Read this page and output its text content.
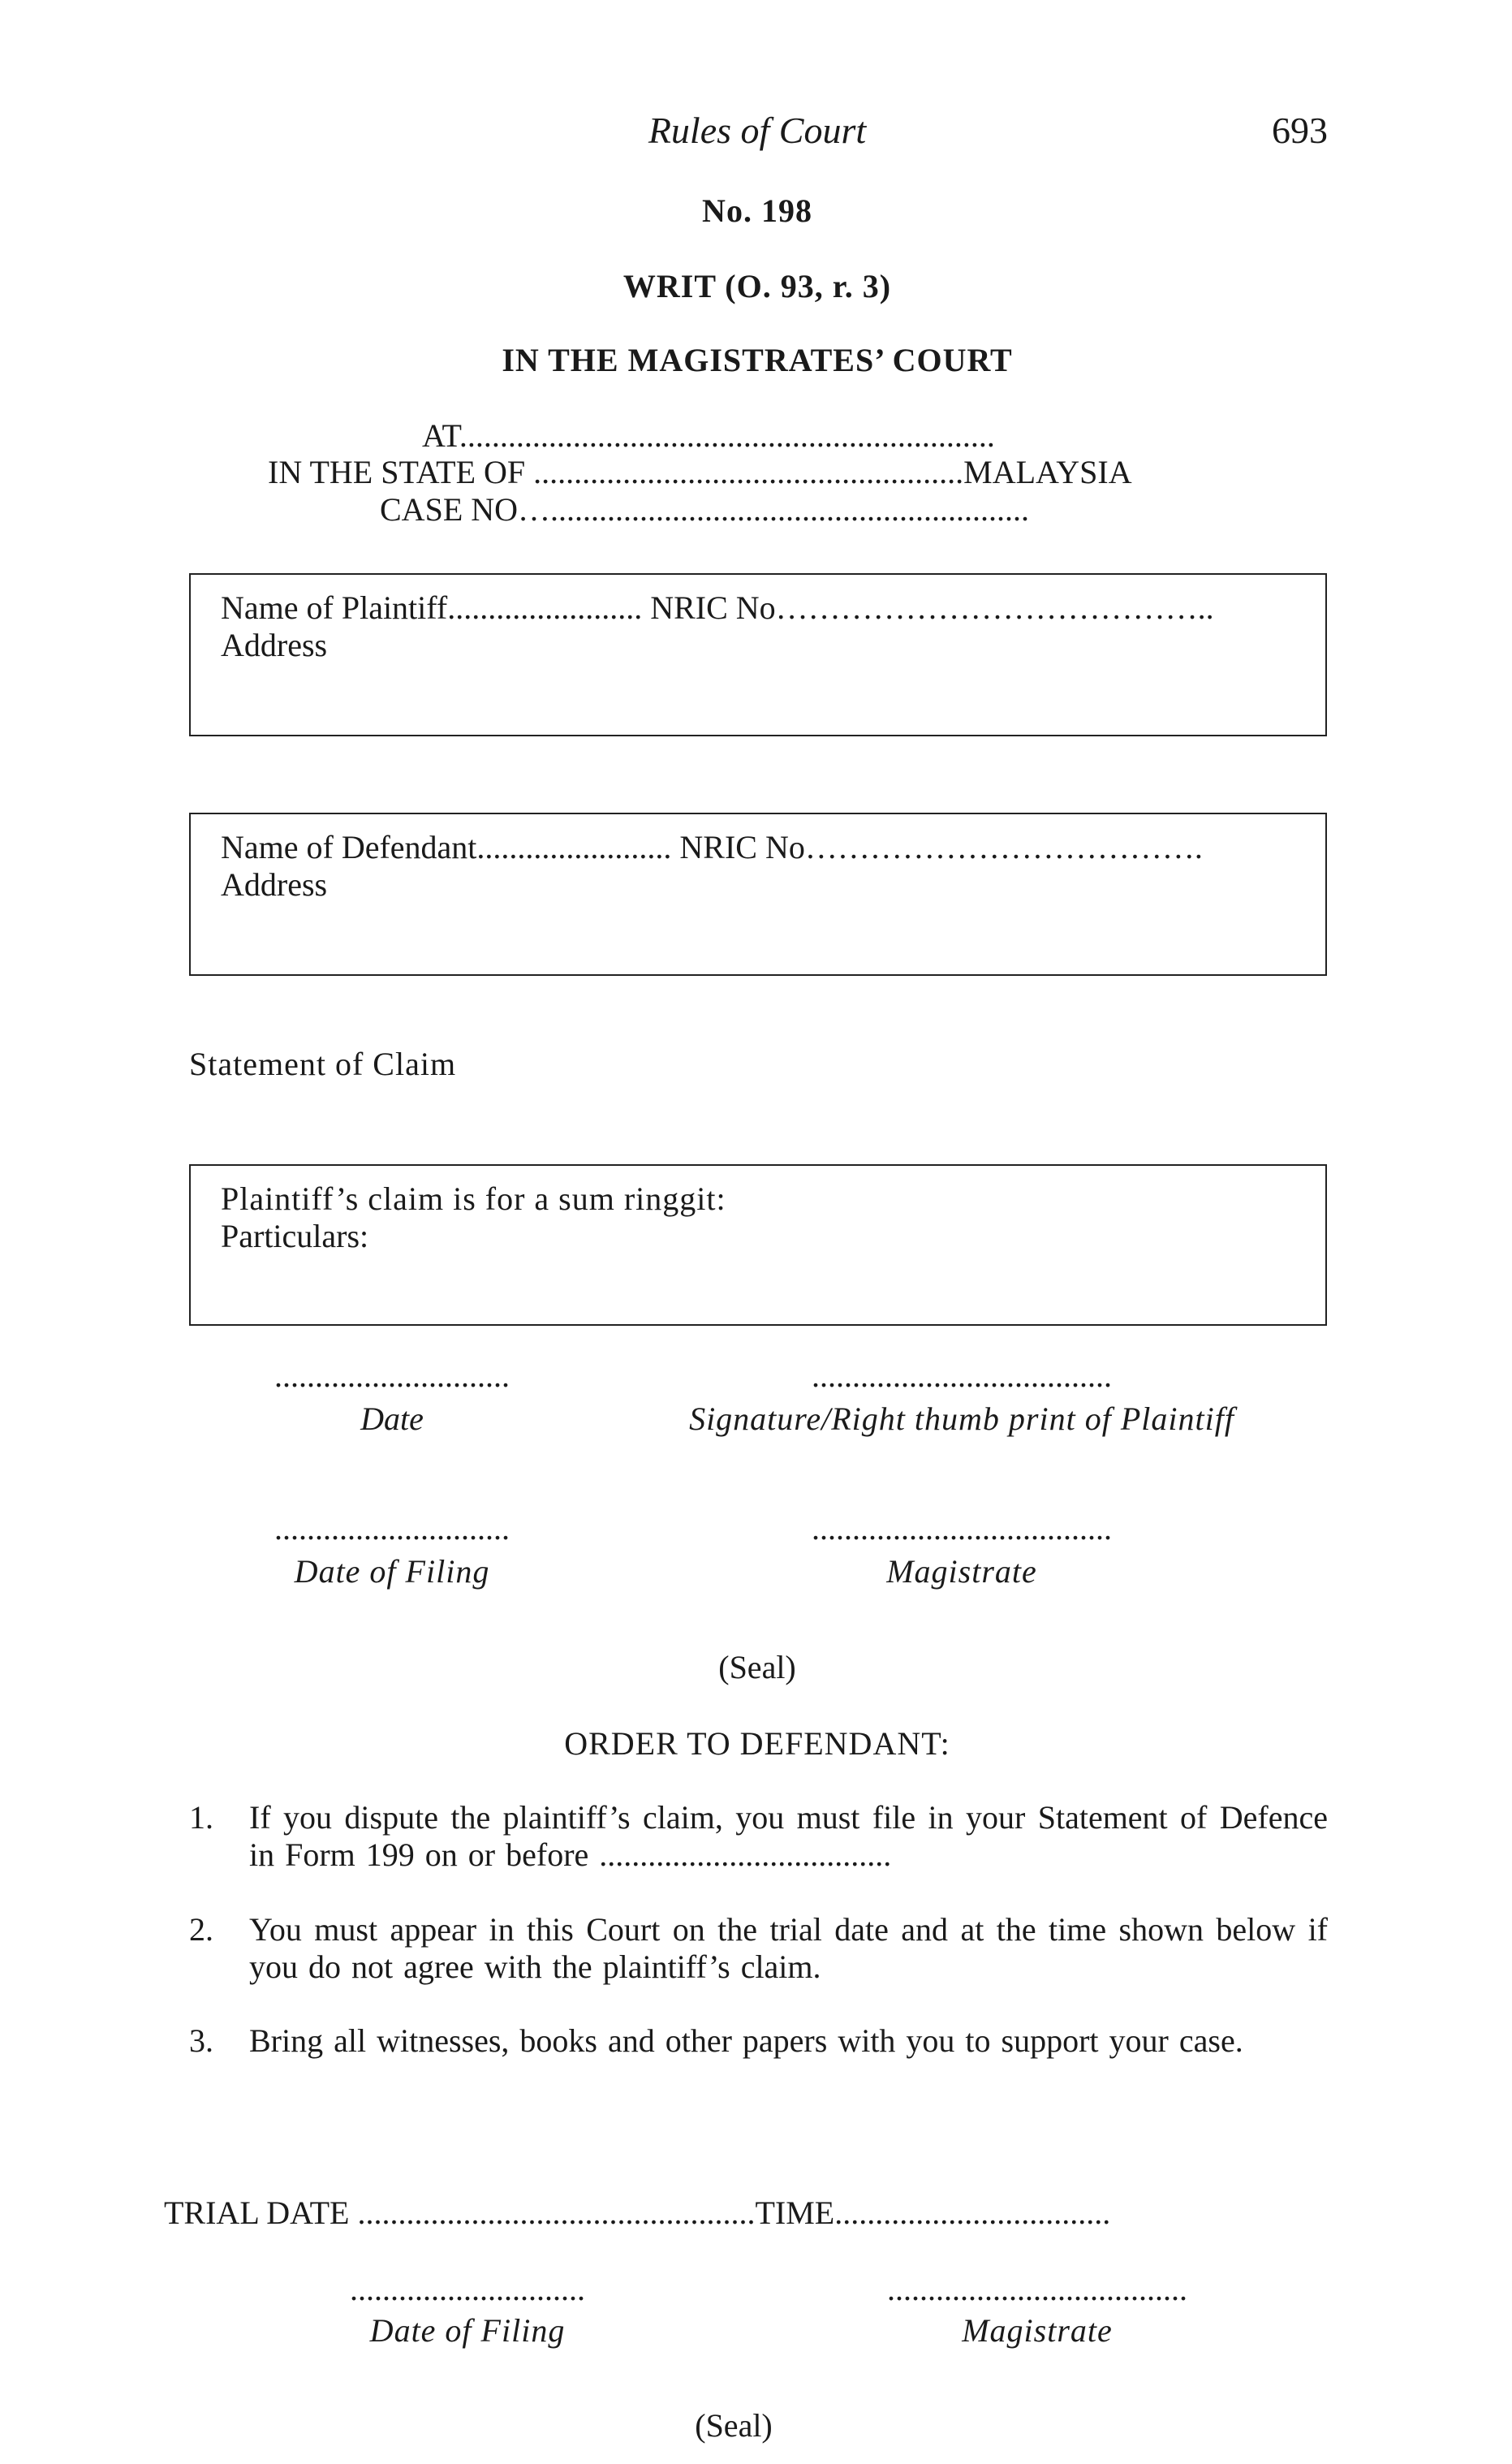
Rules of Court	693
No. 198
WRIT (O. 93, r. 3)
IN THE MAGISTRATES’ COURT
AT..................................................................
IN THE STATE OF .....................................................MALAYSIA
CASE NO…...........................................................
Name of Plaintiff........................ NRIC No…………………………………..
Address
Name of Defendant........................ NRIC No……………………………….
Address
Statement of Claim
Plaintiff’s claim is for a sum ringgit:
Particulars:
.............................
Date
.....................................
Signature/Right thumb print of Plaintiff
.............................
Date of Filing
.....................................
Magistrate
(Seal)
ORDER TO DEFENDANT:
1. If you dispute the plaintiff’s claim, you must file in your Statement of Defence in Form 199 on or before ....................................
2. You must appear in this Court on the trial date and at the time shown below if you do not agree with the plaintiff’s claim.
3. Bring all witnesses, books and other papers with you to support your case.
TRIAL DATE .................................................TIME..................................
.............................
Date of Filing
.....................................
Magistrate
(Seal)
